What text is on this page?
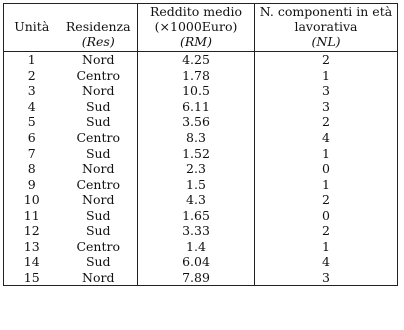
		Reddito medio	N. componenti in età
Unità	Residenza	(×1000Euro)	lavorativa
	(Res)	(RM)	(NL)
1	Nord	4.25	2
2	Centro	1.78	1
3	Nord	10.5	3
4	Sud	6.11	3
5	Sud	3.56	2
6	Centro	8.3	4
7	Sud	1.52	1
8	Nord	2.3	0
9	Centro	1.5	1
10	Nord	4.3	2
11	Sud	1.65	0
12	Sud	3.33	2
13	Centro	1.4	1
14	Sud	6.04	4
15	Nord	7.89	3
